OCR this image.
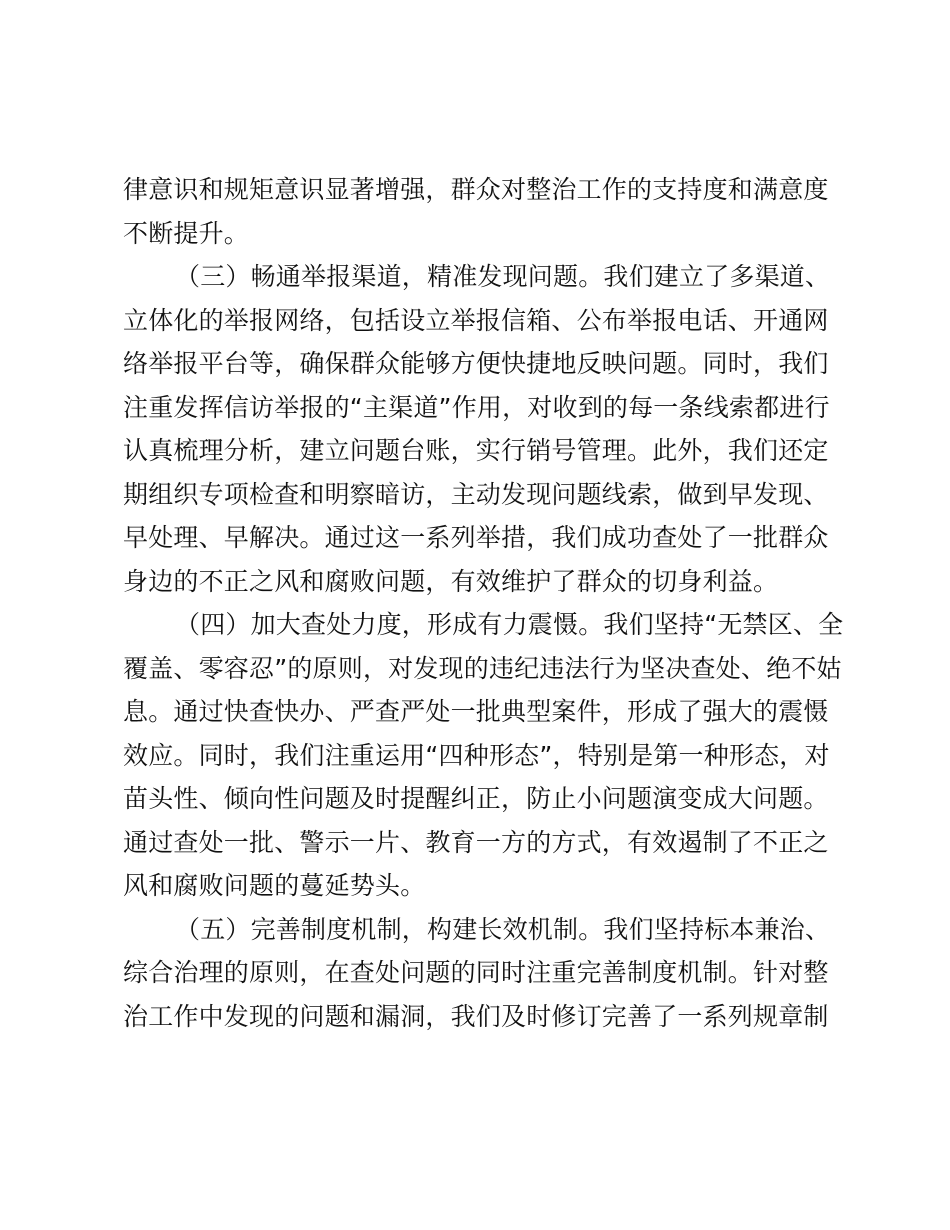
律意识和规矩意识显著增强，群众对整治工作的支持度和满意度
不断提升。
（三）畅通举报渠道，精准发现问题。我们建立了多渠道、
立体化的举报网络，包括设立举报信箱、公布举报电话、开通网
络举报平台等，确保群众能够方便快捷地反映问题。同时，我们
注重发挥信访举报的“主渠道”作用，对收到的每一条线索都进行
认真梳理分析，建立问题台账，实行销号管理。此外，我们还定
期组织专项检查和明察暗访，主动发现问题线索，做到早发现、
早处理、早解决。通过这一系列举措，我们成功查处了一批群众
身边的不正之风和腐败问题，有效维护了群众的切身利益。
（四）加大查处力度，形成有力震慑。我们坚持“无禁区、全
覆盖、零容忍”的原则，对发现的违纪违法行为坚决查处、绝不姑
息。通过快查快办、严查严处一批典型案件，形成了强大的震慑
效应。同时，我们注重运用“四种形态”，特别是第一种形态，对
苗头性、倾向性问题及时提醒纠正，防止小问题演变成大问题。
通过查处一批、警示一片、教育一方的方式，有效遏制了不正之
风和腐败问题的蔓延势头。
（五）完善制度机制，构建长效机制。我们坚持标本兼治、
综合治理的原则，在查处问题的同时注重完善制度机制。针对整
治工作中发现的问题和漏洞，我们及时修订完善了一系列规章制
